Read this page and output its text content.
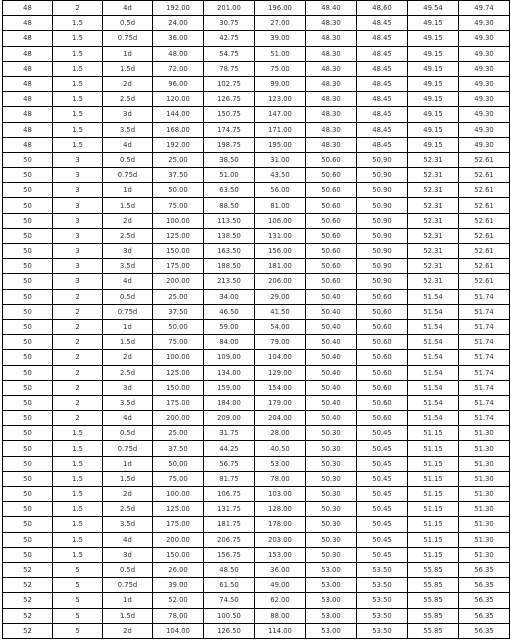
48	2	4d	192.00	201.00	196.00	48.40	48.60	49.54	49.74
48	1.5	0.5d	24.00	30.75	27.00	48.30	48.45	49.15	49.30
48	1.5	0.75d	36.00	42.75	39.00	48.30	48.45	49.15	49.30
48	1.5	1d	48.00	54.75	51.00	48.30	48.45	49.15	49.30
48	1.5	1.5d	72.00	78.75	75.00	48.30	48.45	49.15	49.30
48	1.5	2d	96.00	102.75	99.00	48.30	48.45	49.15	49.30
48	1.5	2.5d	120.00	126.75	123.00	48.30	48.45	49.15	49.30
48	1.5	3d	144.00	150.75	147.00	48.30	48.45	49.15	49.30
48	1.5	3.5d	168.00	174.75	171.00	48.30	48.45	49.15	49.30
48	1.5	4d	192.00	198.75	195.00	48.30	48.45	49.15	49.30
50	3	0.5d	25.00	38.50	31.00	50.60	50.90	52.31	52.61
50	3	0.75d	37.50	51.00	43.50	50.60	50.90	52.31	52.61
50	3	1d	50.00	63.50	56.00	50.60	50.90	52.31	52.61
50	3	1.5d	75.00	88.50	81.00	50.60	50.90	52.31	52.61
50	3	2d	100.00	113.50	106.00	50.60	50.90	52.31	52.61
50	3	2.5d	125.00	138.50	131.00	50.60	50.90	52.31	52.61
50	3	3d	150.00	163.50	156.00	50.60	50.90	52.31	52.61
50	3	3.5d	175.00	188.50	181.00	50.60	50.90	52.31	52.61
50	3	4d	200.00	213.50	206.00	50.60	50.90	52.31	52.61
50	2	0.5d	25.00	34.00	29.00	50.40	50.60	51.54	51.74
50	2	0.75d	37.50	46.50	41.50	50.40	50.60	51.54	51.74
50	2	1d	50.00	59.00	54.00	50.40	50.60	51.54	51.74
50	2	1.5d	75.00	84.00	79.00	50.40	50.60	51.54	51.74
50	2	2d	100.00	109.00	104.00	50.40	50.60	51.54	51.74
50	2	2.5d	125.00	134.00	129.00	50.40	50.60	51.54	51.74
50	2	3d	150.00	159.00	154.00	50.40	50.60	51.54	51.74
50	2	3.5d	175.00	184.00	179.00	50.40	50.60	51.54	51.74
50	2	4d	200.00	209.00	204.00	50.40	50.60	51.54	51.74
50	1.5	0.5d	25.00	31.75	28.00	50.30	50.45	51.15	51.30
50	1.5	0.75d	37.50	44.25	40.50	50.30	50.45	51.15	51.30
50	1.5	1d	50.00	56.75	53.00	50.30	50.45	51.15	51.30
50	1.5	1.5d	75.00	81.75	78.00	50.30	50.45	51.15	51.30
50	1.5	2d	100.00	106.75	103.00	50.30	50.45	51.15	51.30
50	1.5	2.5d	125.00	131.75	128.00	50.30	50.45	51.15	51.30
50	1.5	3.5d	175.00	181.75	178.00	50.30	50.45	51.15	51.30
50	1.5	4d	200.00	206.75	203.00	50.30	50.45	51.15	51.30
50	1.5	3d	150.00	156.75	153.00	50.30	50.45	51.15	51.30
52	5	0.5d	26.00	48.50	36.00	53.00	53.50	55.85	56.35
52	5	0.75d	39.00	61.50	49.00	53.00	53.50	55.85	56.35
52	5	1d	52.00	74.50	62.00	53.00	53.50	55.85	56.35
52	5	1.5d	78.00	100.50	88.00	53.00	53.50	55.85	56.35
52	5	2d	104.00	126.50	114.00	53.00	53.50	55.85	56.35
